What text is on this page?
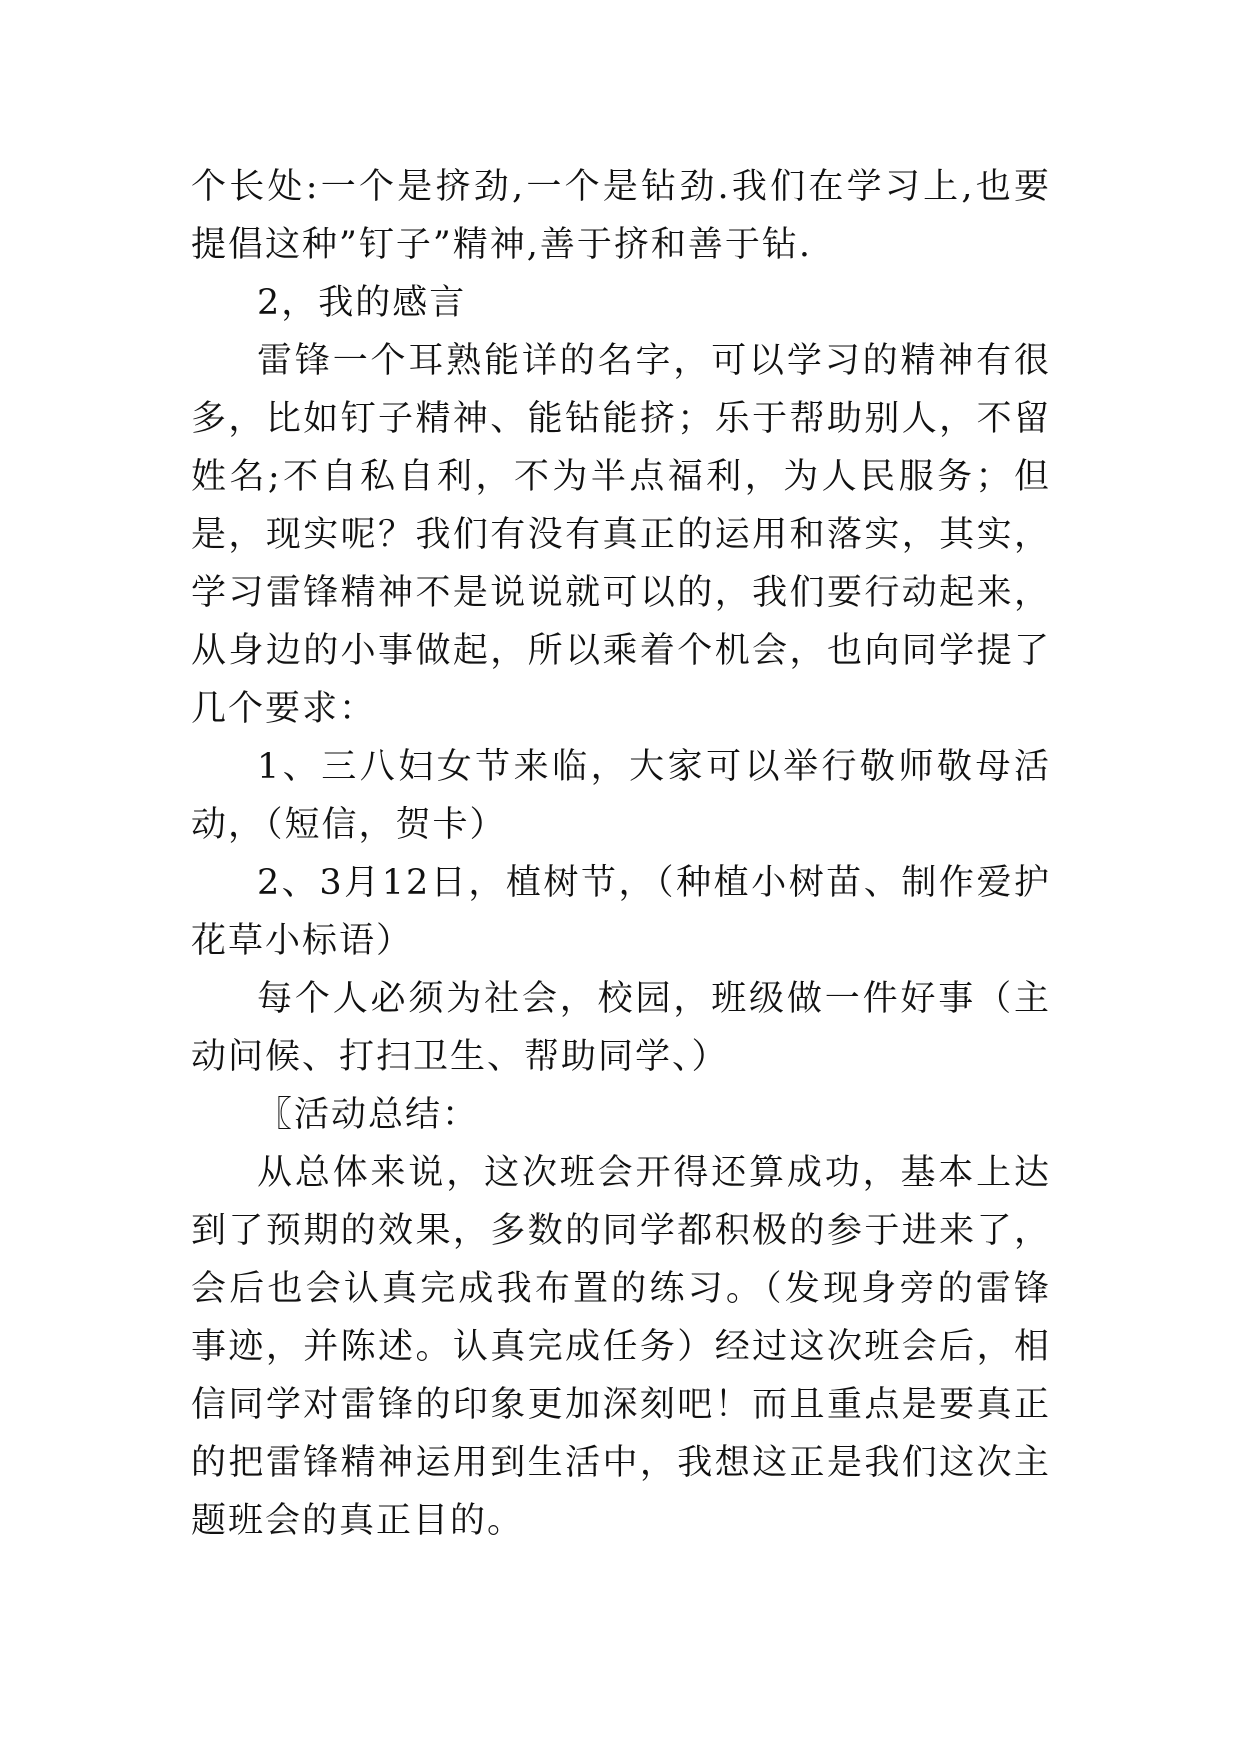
个长处:一个是挤劲,一个是钻劲.我们在学习上,也要提倡这种”钉子”精神,善于挤和善于钻.

2，我的感言

雷锋一个耳熟能详的名字，可以学习的精神有很多，比如钉子精神、能钻能挤；乐于帮助别人，不留姓名;不自私自利，不为半点福利，为人民服务；但是，现实呢？我们有没有真正的运用和落实，其实，学习雷锋精神不是说说就可以的，我们要行动起来，从身边的小事做起，所以乘着个机会，也向同学提了几个要求：

1、三八妇女节来临，大家可以举行敬师敬母活动，（短信，贺卡）

2、3月12日，植树节，（种植小树苗、制作爱护花草小标语）

每个人必须为社会，校园，班级做一件好事（主动问候、打扫卫生、帮助同学、）

〖活动总结：

从总体来说，这次班会开得还算成功，基本上达到了预期的效果，多数的同学都积极的参于进来了，会后也会认真完成我布置的练习。（发现身旁的雷锋事迹，并陈述。认真完成任务）经过这次班会后，相信同学对雷锋的印象更加深刻吧！而且重点是要真正的把雷锋精神运用到生活中，我想这正是我们这次主题班会的真正目的。
